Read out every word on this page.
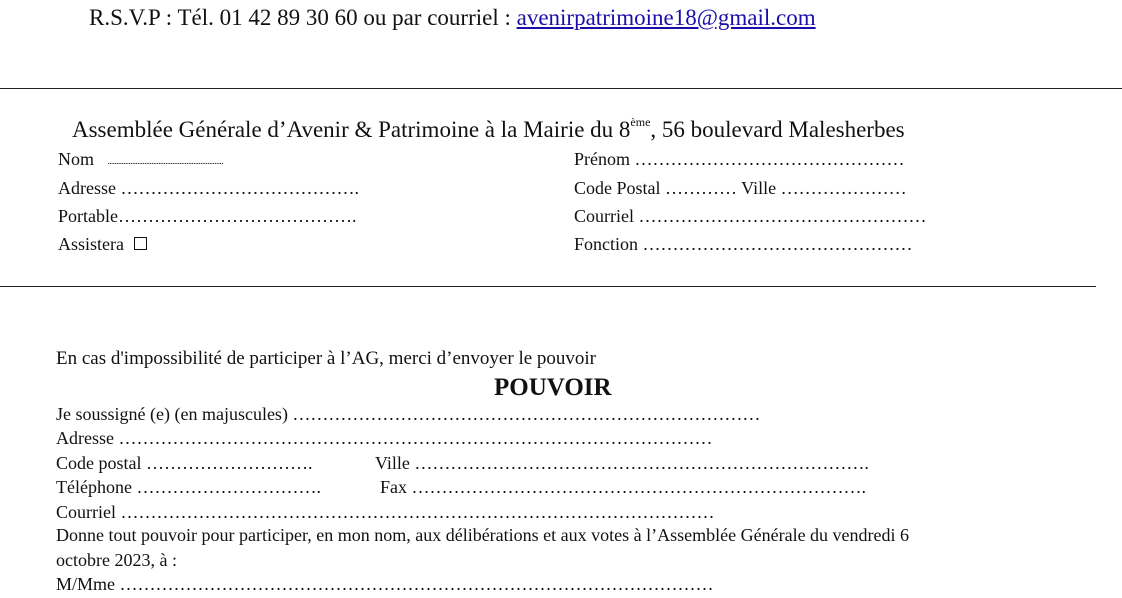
R.S.V.P : Tél. 01 42 89 30 60 ou par courriel : avenirpatrimoine18@gmail.com
Assemblée Générale d’Avenir & Patrimoine à la Mairie du 8ème, 56 boulevard Malesherbes
Nom ..................................................................
Adresse ………………………………….
Portable………………………………….
Assistera
Prénom ………………………………………
Code Postal ………… Ville …………………
Courriel …………………………………………
Fonction ………………………………………
En cas d'impossibilité de participer à l’AG, merci d’envoyer le pouvoir
POUVOIR
Je soussigné (e) (en majuscules) ……………………………………………………………………
Adresse ………………………………………………………………………………………
Code postal ……………………….	Ville ………………………………………………………………….
Téléphone ………………………….	Fax ………………………………………………………………….
Courriel ………………………………………………………………………………………
Donne tout pouvoir pour participer, en mon nom, aux délibérations et aux votes à l’Assemblée Générale du vendredi 6
octobre 2023, à :
M/Mme ………………………………………………………………………………………
